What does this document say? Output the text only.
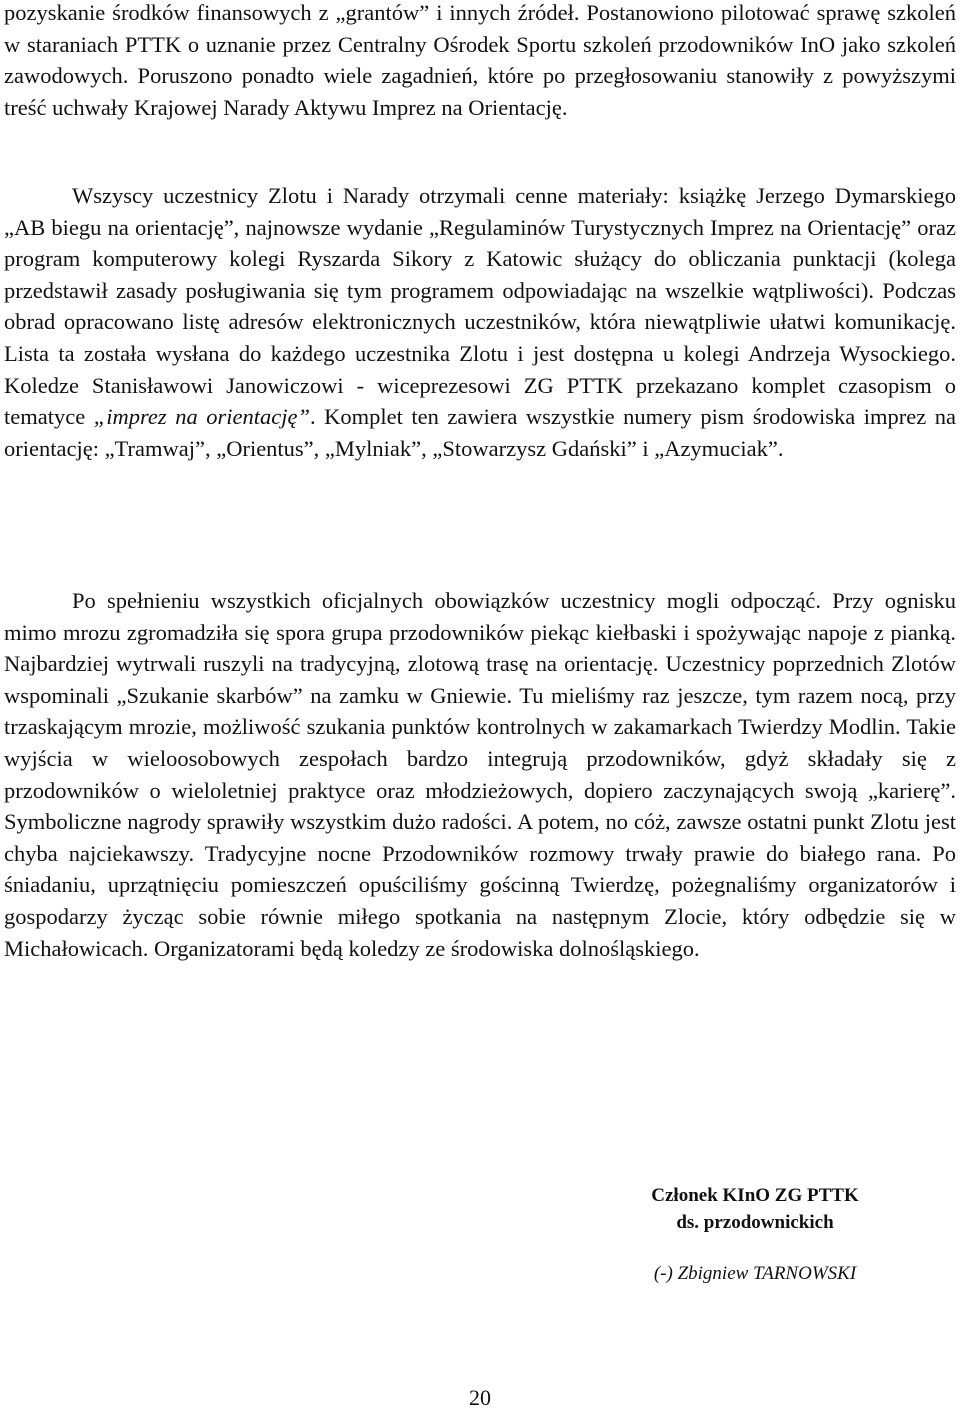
pozyskanie środków finansowych z „grantów” i innych źródeł. Postanowiono pilotować sprawę szkoleń w staraniach PTTK o uznanie przez Centralny Ośrodek Sportu szkoleń przodowników InO jako szkoleń zawodowych. Poruszono ponadto wiele zagadnień, które po przegłosowaniu stanowiły z powyższymi treść uchwały Krajowej Narady Aktywu Imprez na Orientację.

Wszyscy uczestnicy Zlotu i Narady otrzymali cenne materiały: książkę Jerzego Dymarskiego „AB biegu na orientację”, najnowsze wydanie „Regulaminów Turystycznych Imprez na Orientację” oraz program komputerowy kolegi Ryszarda Sikory z Katowic służący do obliczania punktacji (kolega przedstawił zasady posługiwania się tym programem odpowiadając na wszelkie wątpliwości). Podczas obrad opracowano listę adresów elektronicznych uczestników, która niewątpliwie ułatwi komunikację. Lista ta została wysłana do każdego uczestnika Zlotu i jest dostępna u kolegi Andrzeja Wysockiego. Koledze Stanisławowi Janowiczowi - wiceprezesowi ZG PTTK przekazano komplet czasopism o tematyce „imprez na orientację”. Komplet ten zawiera wszystkie numery pism środowiska imprez na orientację: „Tramwaj”, „Orientus”, „Mylniak”, „Stowarzysz Gdański” i „Azymuciak”.

Po spełnieniu wszystkich oficjalnych obowiązków uczestnicy mogli odpocząć. Przy ognisku mimo mrozu zgromadziła się spora grupa przodowników piekąc kiełbaski i spożywając napoje z pianką. Najbardziej wytrwali ruszyli na tradycyjną, zlotową trasę na orientację. Uczestnicy poprzednich Zlotów wspominali „Szukanie skarbów” na zamku w Gniewie. Tu mieliśmy raz jeszcze, tym razem nocą, przy trzaskającym mrozie, możliwość szukania punktów kontrolnych w zakamarkach Twierdzy Modlin. Takie wyjścia w wieloosobowych zespołach bardzo integrują przodowników, gdyż składały się z przodowników o wieloletniej praktyce oraz młodzieżowych, dopiero zaczynających swoją „karierę”. Symboliczne nagrody sprawiły wszystkim dużo radości. A potem, no cóż, zawsze ostatni punkt Zlotu jest chyba najciekawszy. Tradycyjne nocne Przodowników rozmowy trwały prawie do białego rana. Po śniadaniu, uprzątnięciu pomieszczeń opuściliśmy gościnną Twierdzę, pożegnaliśmy organizatorów i gospodarzy życząc sobie równie miłego spotkania na następnym Zlocie, który odbędzie się w Michałowicach. Organizatorami będą koledzy ze środowiska dolnośląskiego.

Członek KInO ZG PTTK
ds. przodownickich
(-) Zbigniew TARNOWSKI
20
